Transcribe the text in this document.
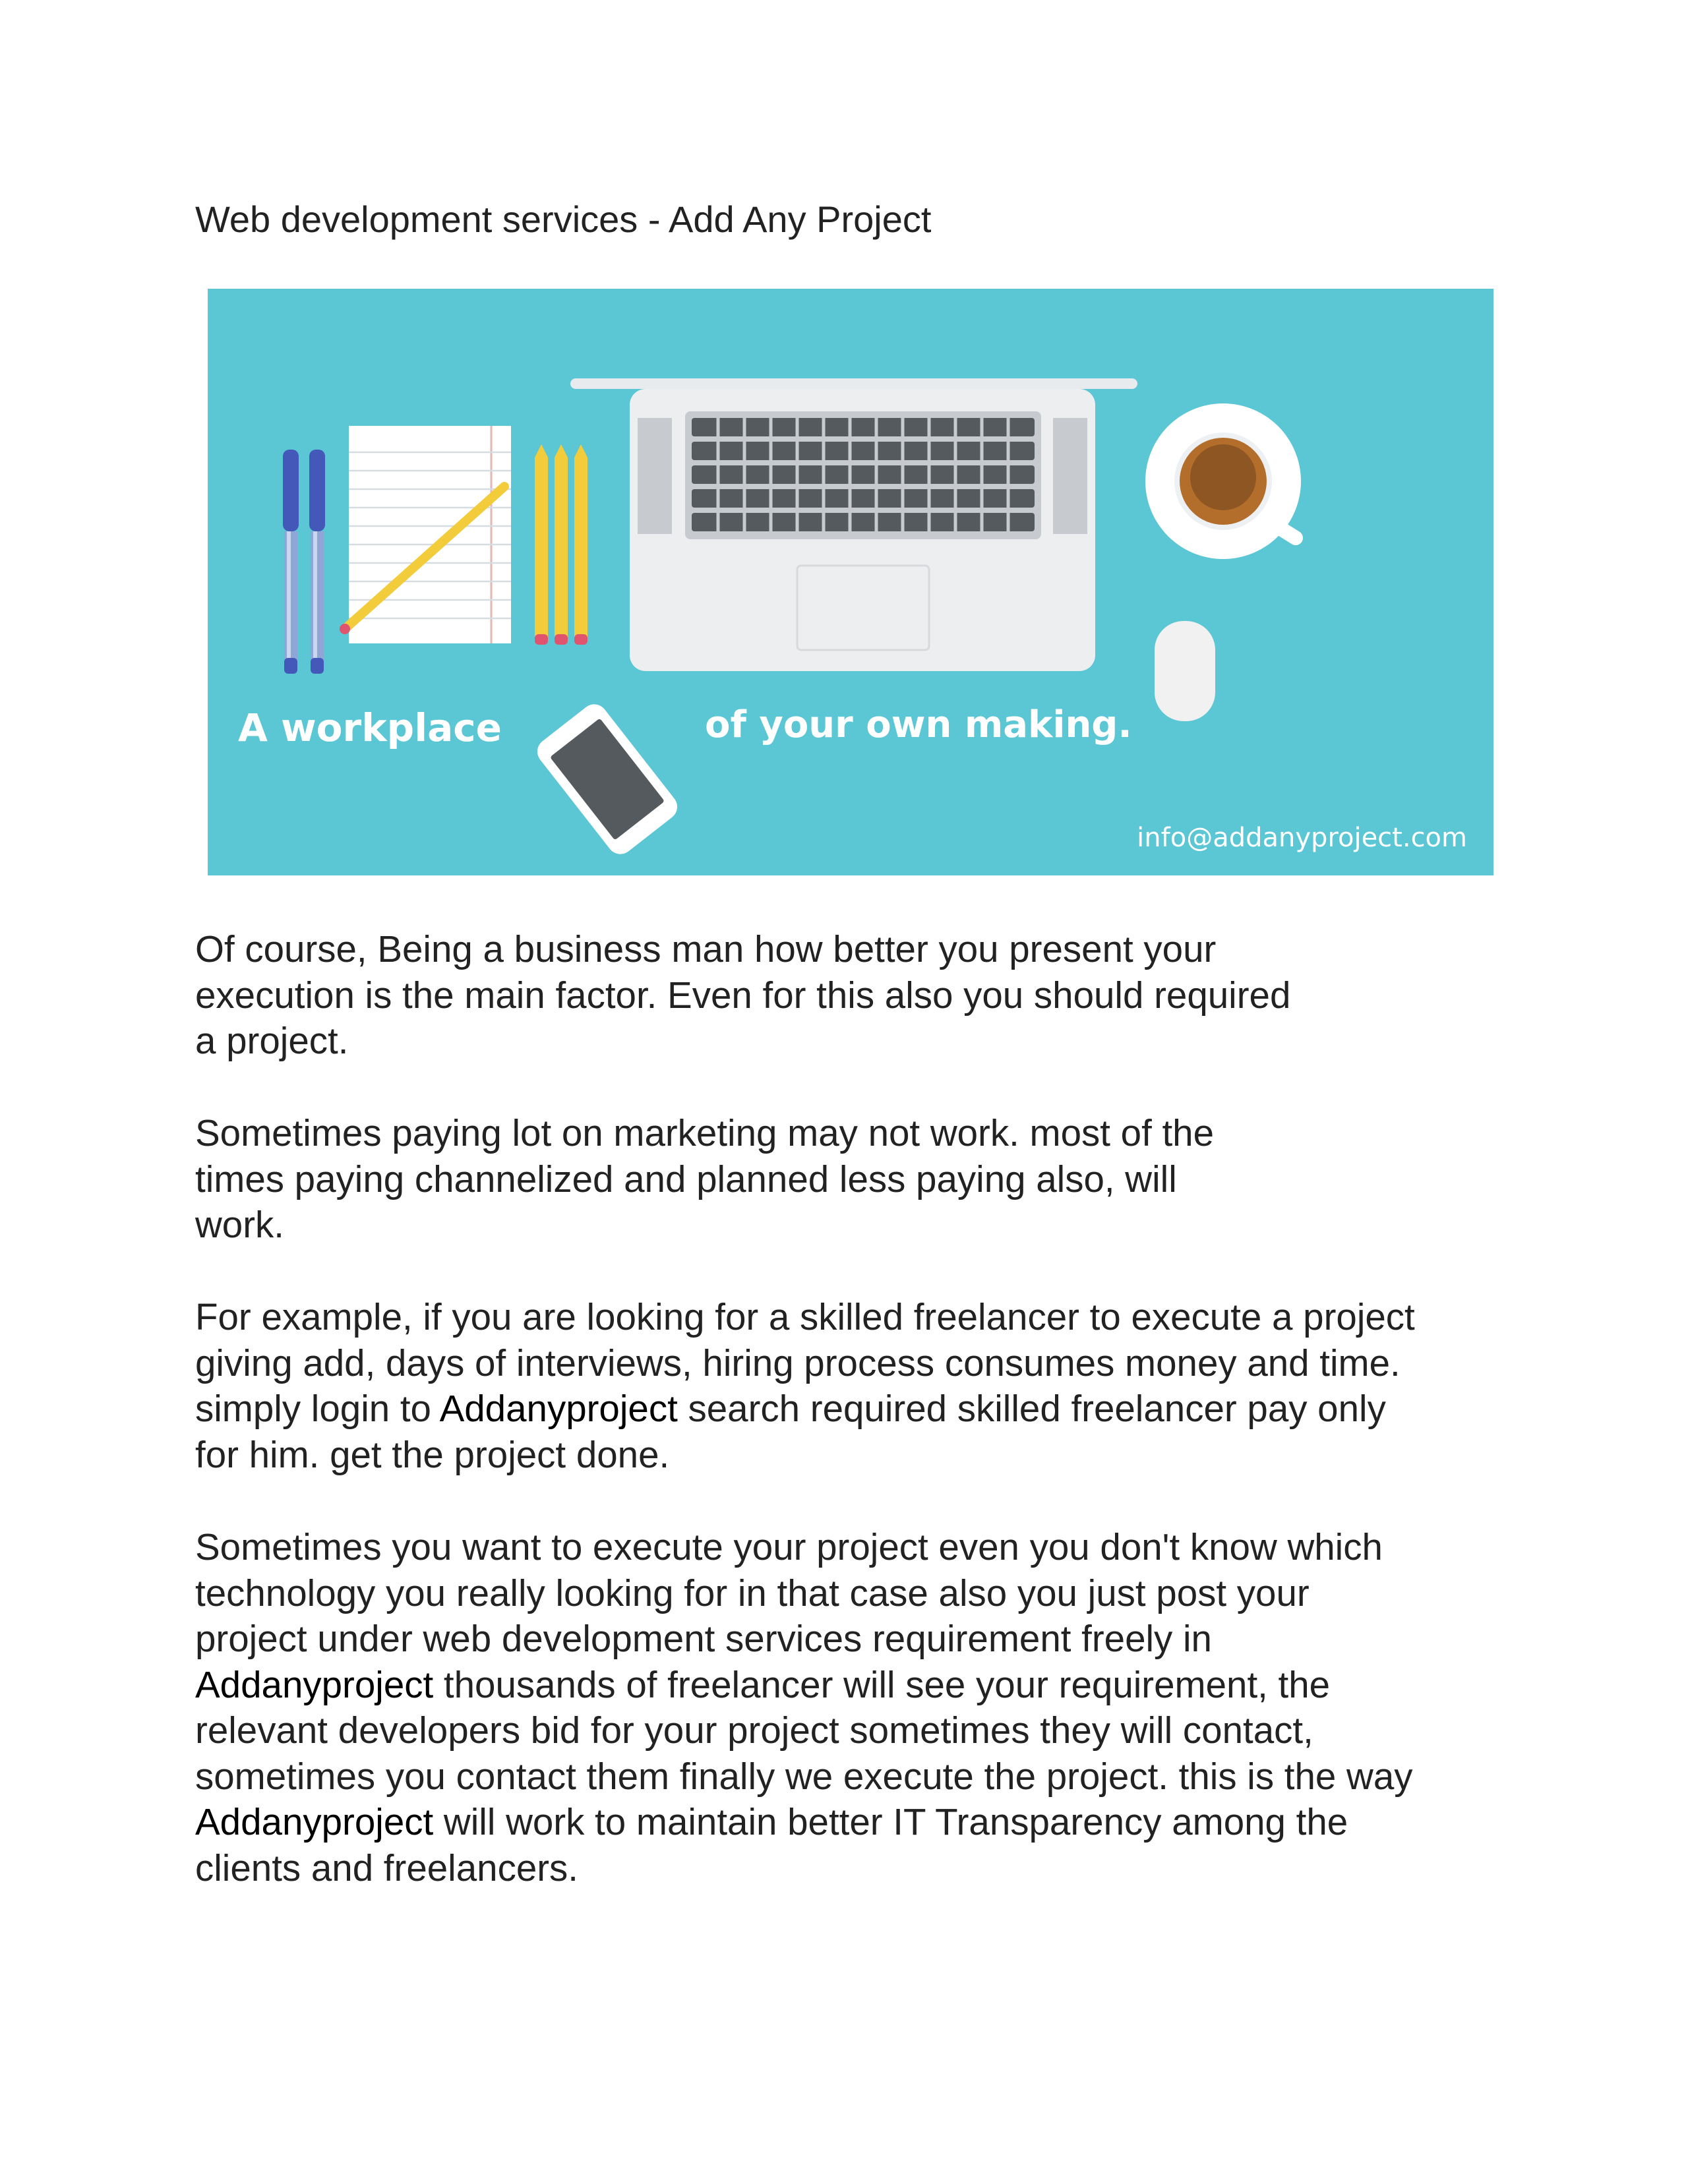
Web development services - Add Any Project
A workplace	of your own making.
info@addanyproject.com

Of course, Being a business man how better you present your
execution is the main factor. Even for this also you should required
a project.

Sometimes paying lot on marketing may not work. most of the
times paying channelized and planned less paying also, will
work.

For example, if you are looking for a skilled freelancer to execute a project
giving add, days of interviews, hiring process consumes money and time.
simply login to Addanyproject search required skilled freelancer pay only
for him. get the project done.

Sometimes you want to execute your project even you don't know which
technology you really looking for in that case also you just post your
project under web development services requirement freely in
Addanyproject thousands of freelancer will see your requirement, the
relevant developers bid for your project sometimes they will contact,
sometimes you contact them finally we execute the project. this is the way
Addanyproject will work to maintain better IT Transparency among the
clients and freelancers.
